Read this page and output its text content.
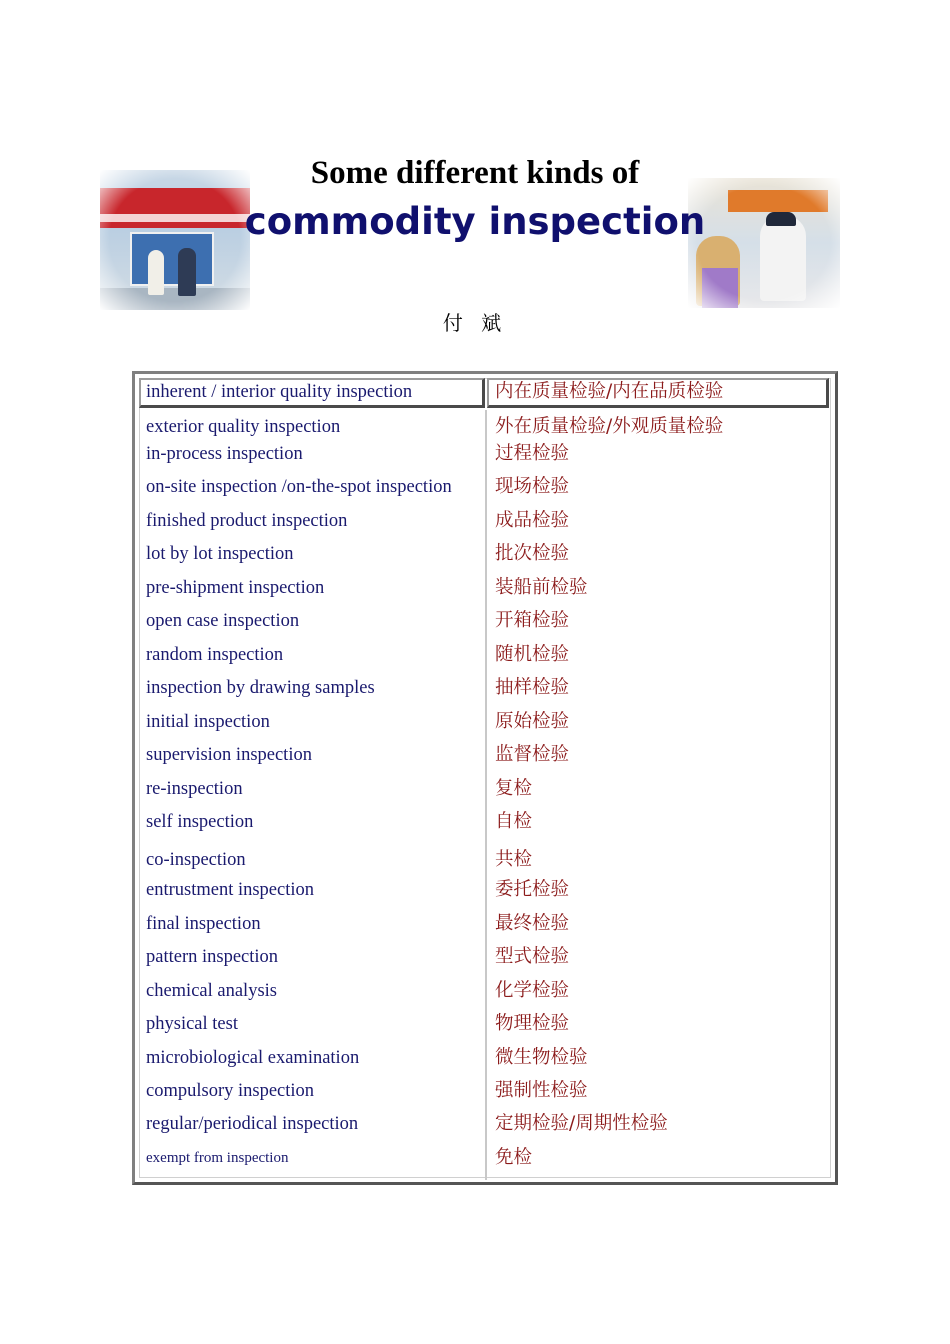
Some different kinds of
commodity inspection
付 斌
inherent / interior quality inspection	内在质量检验/内在品质检验
exterior quality inspection	外在质量检验/外观质量检验
in-process inspection	过程检验
on-site inspection /on-the-spot inspection 现场检验
finished product inspection	成品检验
lot by lot inspection	批次检验
pre-shipment inspection	装船前检验
open case inspection	开箱检验
random inspection	随机检验
inspection by drawing samples	抽样检验
initial inspection	原始检验
supervision inspection	监督检验
re-inspection	复检
self inspection	自检
co-inspection	共检
entrustment inspection	委托检验
final inspection	最终检验
pattern inspection	型式检验
chemical analysis	化学检验
physical test	物理检验
microbiological examination	微生物检验
compulsory inspection	强制性检验
regular/periodical inspection	定期检验/周期性检验
exempt from inspection	免检
